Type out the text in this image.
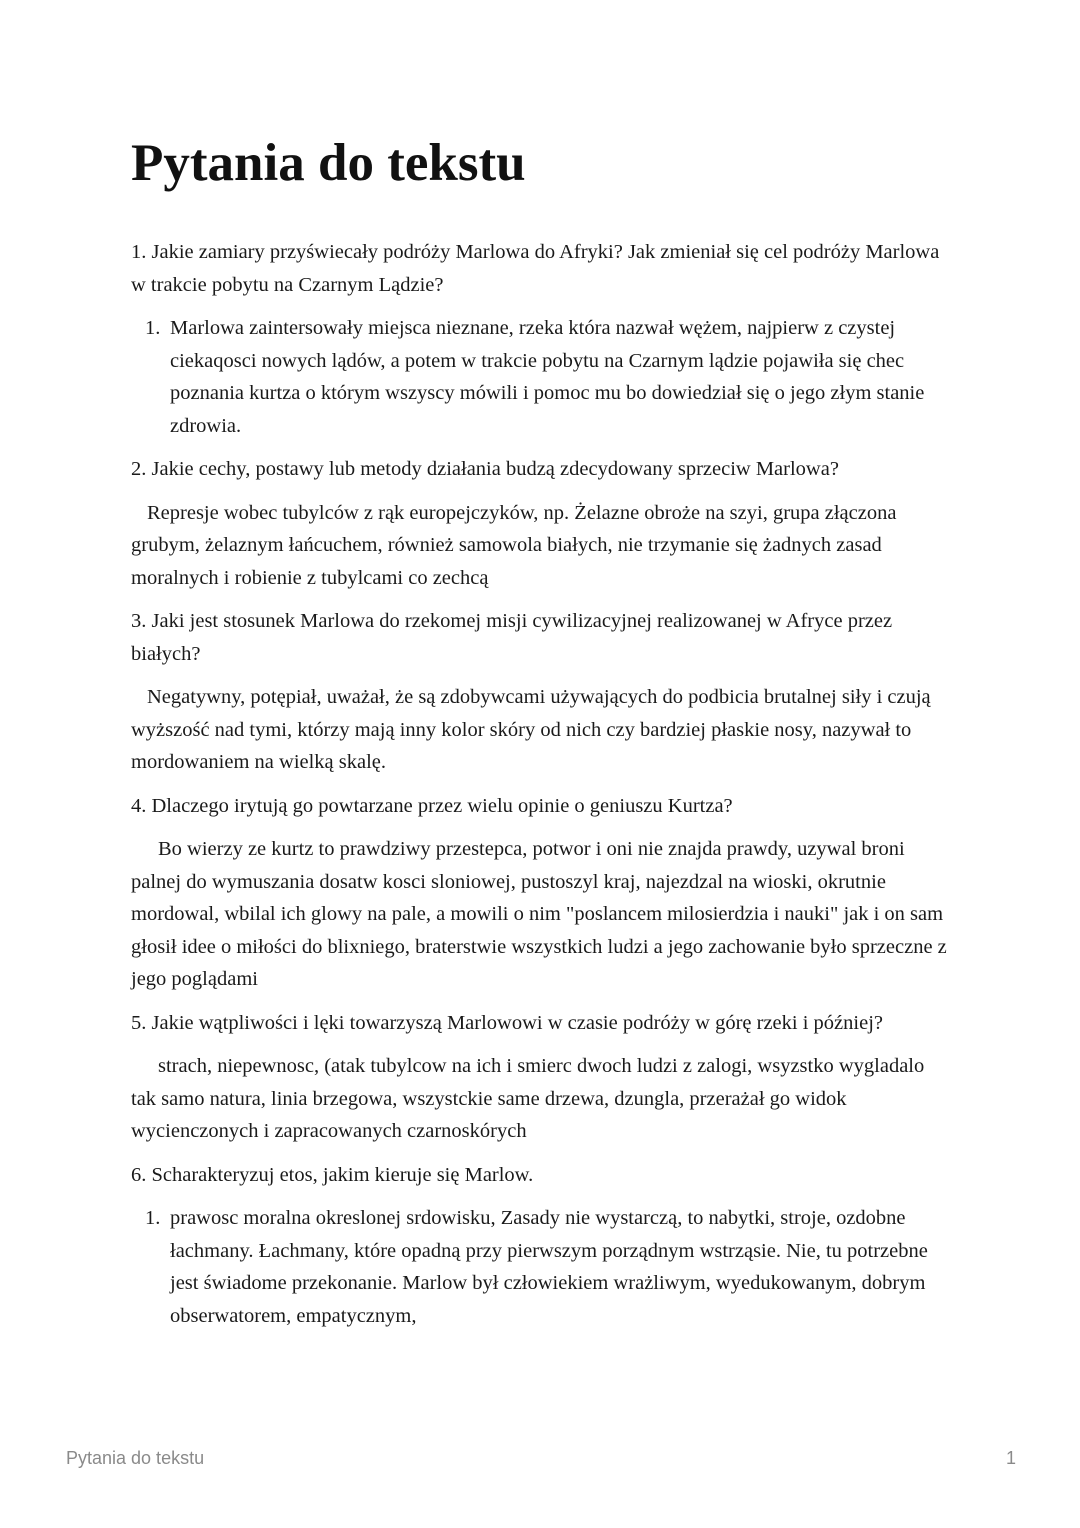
Pytania do tekstu

1. Jakie zamiary przyświecały podróży Marlowa do Afryki? Jak zmieniał się cel podróży Marlowa w trakcie pobytu na Czarnym Lądzie?

1. Marlowa zaintersowały miejsca nieznane, rzeka która nazwał wężem, najpierw z czystej ciekaqosci nowych lądów, a potem w trakcie pobytu na Czarnym lądzie pojawiła się chec poznania kurtza o którym wszyscy mówili i pomoc mu bo dowiedział się o jego złym stanie zdrowia.

2. Jakie cechy, postawy lub metody działania budzą zdecydowany sprzeciw Marlowa?

Represje wobec tubylców z rąk europejczyków, np. Żelazne obroże na szyi, grupa złączona grubym, żelaznym łańcuchem, również samowola białych, nie trzymanie się żadnych zasad moralnych i robienie z tubylcami co zechcą

3. Jaki jest stosunek Marlowa do rzekomej misji cywilizacyjnej realizowanej w Afryce przez białych?

Negatywny, potępiał, uważał, że są zdobywcami używających do podbicia brutalnej siły i czują wyższość nad tymi, którzy mają inny kolor skóry od nich czy bardziej płaskie nosy, nazywał to mordowaniem na wielką skalę.

4. Dlaczego irytują go powtarzane przez wielu opinie o geniuszu Kurtza?

Bo wierzy ze kurtz to prawdziwy przestepca, potwor i oni nie znajda prawdy, uzywal broni palnej do wymuszania dosatw kosci sloniowej, pustoszyl kraj, najezdzal na wioski, okrutnie mordowal, wbilal ich glowy na pale, a mowili o nim "poslancem milosierdzia i nauki" jak i on sam głosił idee o miłości do blixniego, braterstwie wszystkich ludzi a jego zachowanie było sprzeczne z jego poglądami

5. Jakie wątpliwości i lęki towarzyszą Marlowowi w czasie podróży w górę rzeki i później?

strach, niepewnosc, (atak tubylcow na ich i smierc dwoch ludzi z zalogi, wsyzstko wygladalo tak samo natura, linia brzegowa, wszystckie same drzewa, dzungla, przerażał go widok wycienczonych i zapracowanych czarnoskórych

6. Scharakteryzuj etos, jakim kieruje się Marlow.

1. prawosc moralna okreslonej srdowisku, Zasady nie wystarczą, to nabytki, stroje, ozdobne łachmany. Łachmany, które opadną przy pierwszym porządnym wstrząsie. Nie, tu potrzebne jest świadome przekonanie. Marlow był człowiekiem wrażliwym, wyedukowanym, dobrym obserwatorem, empatycznym,
Pytania do tekstu	1
